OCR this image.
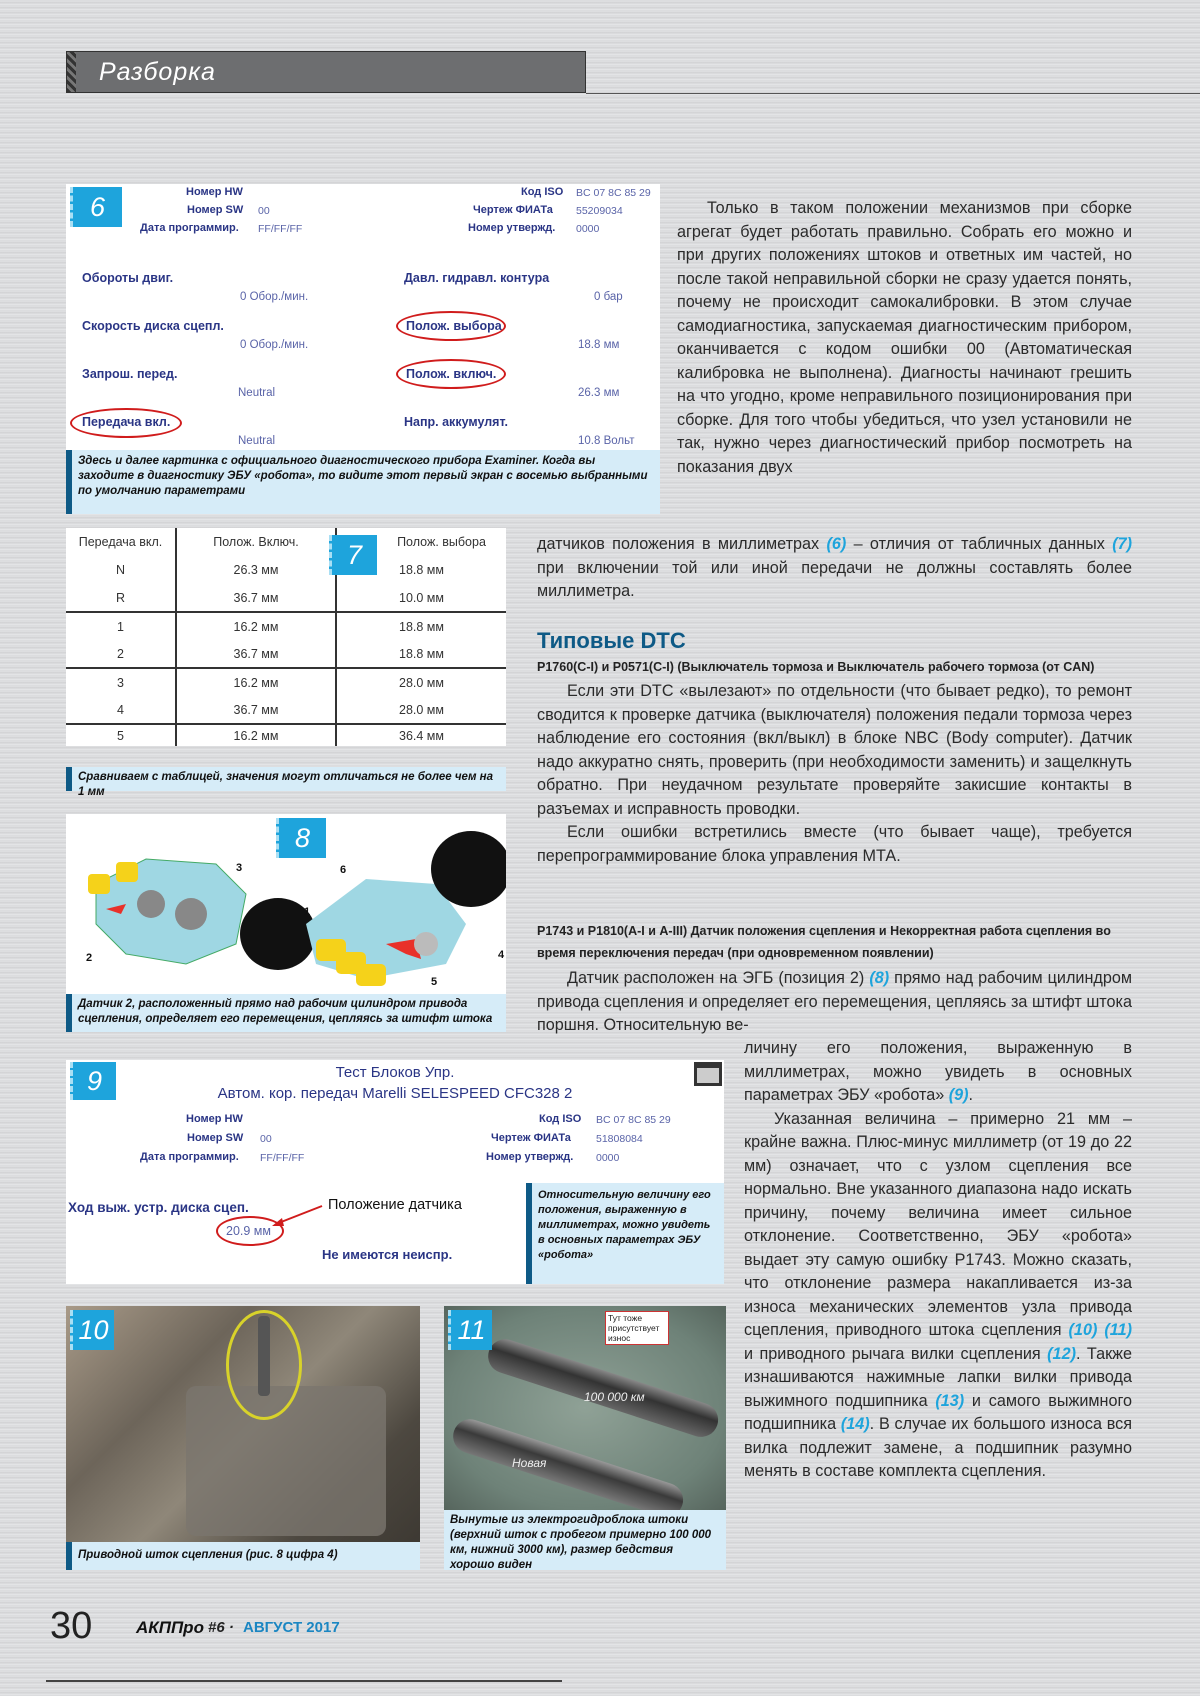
Разборка
6	Номер HW
Номер SW 00
Дата программир. FF/FF/FF
Код ISO BC 07 8C 85 29
Чертеж ФИАТа 55209034
Номер утвержд. 0000
Обороты двиг.
0 Обор./мин.
Скорость диска сцепл.
0 Обор./мин.
Запрош. перед.
Neutral
Передача вкл.
Neutral
Давл. гидравл. контура
0 бар
Полож. выбора
18.8 мм
Полож. включ.
26.3 мм
Напр. аккумулят.
10.8 Вольт
Здесь и далее картинка с официального диагностического прибора Examiner. Когда вы заходите в диагностику ЭБУ «робота», то видите этот первый экран с восемью выбранными по умолчанию параметрами
Передача вкл.	Полож. Включ.	Полож. выбора
N	26.3 мм	18.8 мм
R	36.7 мм	10.0 мм
1	16.2 мм	18.8 мм
2	36.7 мм	18.8 мм
3	16.2 мм	28.0 мм
4	36.7 мм	28.0 мм
5	16.2 мм	36.4 мм
7
Сравниваем с таблицей, значения могут отличаться не более чем на 1 мм
8
1
2
3
4
5
6
Датчик 2, расположенный прямо над рабочим цилиндром привода сцепления, определяет его перемещения, цепляясь за штифт штока
9	Тест Блоков Упр.
Автом. кор. передач Marelli SELESPEED CFC328 2
Номер HW
Номер SW 00
Дата программир. FF/FF/FF
Код ISO BC 07 8C 85 29
Чертеж ФИАТа 51808084
Номер утвержд. 0000
Ход выж. устр. диска сцеп.
20.9 мм
Положение датчика
Не имеются неиспр.
Относительную величину его положения, выраженную в миллиметрах, можно увидеть в основных параметрах ЭБУ «робота»
10
Приводной шток сцепления (рис. 8 цифра 4)
Тут тоже присутствует износ
100 000 км
Новая
11
Вынутые из электрогидроблока штоки (верхний шток с пробегом примерно 100 000 км, нижний 3000 км), размер бедствия хорошо виден

Только в таком положении механизмов при сборке агрегат будет работать правильно. Собрать его можно и при других положениях штоков и ответных им частей, но после такой неправильной сборки не сразу удается понять, почему не происходит самокалибровки. В этом случае самодиагностика, запускаемая диагностическим прибором, оканчивается с кодом ошибки 00 (Автоматическая калибровка не выполнена). Диагносты начинают грешить на что угодно, кроме неправильного позиционирования при сборке. Для того чтобы убедиться, что узел установили не так, нужно через диагностический прибор посмотреть на показания двух

датчиков положения в миллиметрах (6) – отличия от табличных данных (7) при включении той или иной передачи не должны составлять более миллиметра.
Типовые DTC
P1760(C-I) и P0571(C-I) (Выключатель тормоза и Выключатель рабочего тормоза (от CAN)

Если эти DTC «вылезают» по отдельности (что бывает редко), то ремонт сводится к проверке датчика (выключателя) положения педали тормоза через наблюдение его состояния (вкл/выкл) в блоке NBC (Body computer). Датчик надо аккуратно снять, проверить (при необходимости заменить) и защелкнуть обратно. При неудачном результате проверяйте закисшие контакты в разъемах и исправность проводки.

Если ошибки встретились вместе (что бывает чаще), требуется перепрограммирование блока управления МТА.

P1743 и P1810(A-I и A-III) Датчик положения сцепления и Некорректная работа сцепления во время переключения передач (при одновременном появлении)

Датчик расположен на ЭГБ (позиция 2) (8) прямо над рабочим цилиндром привода сцепления и определяет его перемещения, цепляясь за штифт штока поршня. Относительную ве-

личину его положения, выраженную в миллиметрах, можно увидеть в основных параметрах ЭБУ «робота» (9).

Указанная величина – примерно 21 мм – крайне важна. Плюс-минус миллиметр (от 19 до 22 мм) означает, что с узлом сцепления все нормально. Вне указанного диапазона надо искать причину, почему величина имеет сильное отклонение. Соответственно, ЭБУ «робота» выдает эту самую ошибку P1743. Можно сказать, что отклонение размера накапливается из-за износа механических элементов узла привода сцепления, приводного штока сцепления (10) (11) и приводного рычага вилки сцепления (12). Также изнашиваются нажимные лапки вилки привода выжимного подшипника (13) и самого выжимного подшипника (14). В случае их большого износа вся вилка подлежит замене, а подшипник разумно менять в составе комплекта сцепления.

30	АКППро #6 · АВГУСТ 2017
